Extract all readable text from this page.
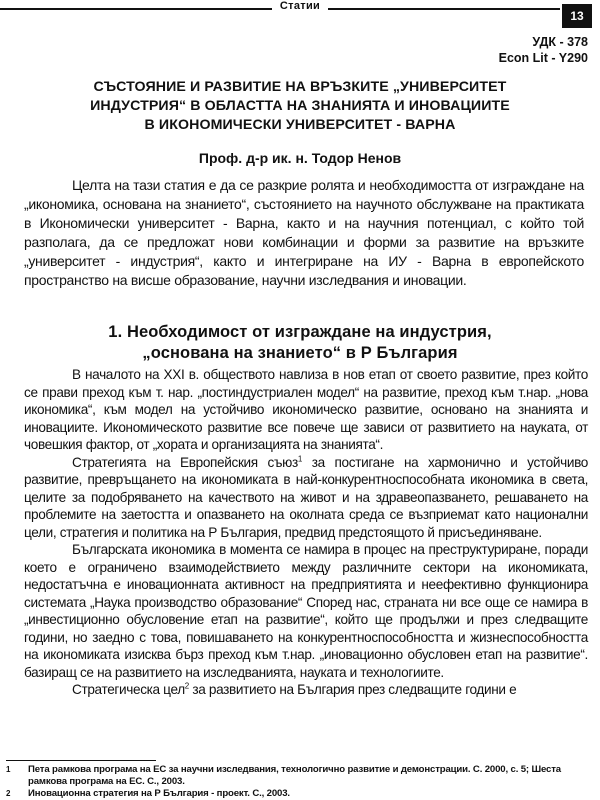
Статии
13
УДК - 378
Econ Lit - Y290
СЪСТОЯНИЕ И РАЗВИТИЕ НА ВРЪЗКИТЕ „УНИВЕРСИТЕТ
ИНДУСТРИЯ“ В ОБЛАСТТА НА ЗНАНИЯТА И ИНОВАЦИИТЕ
В ИКОНОМИЧЕСКИ УНИВЕРСИТЕТ - ВАРНА
Проф. д-р ик. н. Тодор Ненов

Целта на тази статия е да се разкрие ролята и необходимостта от изграждане на „икономика, основана на знанието“, състоянието на научното обслужване на практиката в Икономически университет - Варна, както и на научния потенциал, с който той разполага, да се предложат нови комбинации и форми за развитие на връзките „университет - индустрия“, както и интегриране на ИУ - Варна в европейското пространство на висше образование, научни изследвания и иновации.

1. Необходимост от изграждане на индустрия,
„основана на знанието“ в Р България

В началото на XXI в. обществото навлиза в нов етап от своето развитие, през който се прави преход към т. нар. „постиндустриален модел“ на развитие, преход към т.нар. „нова икономика“, към модел на устойчиво икономическо развитие, основано на знанията и иновациите. Икономическото развитие все повече ще зависи от развитието на науката, от човешкия фактор, от „хората и организацията на знанията“.

Стратегията на Европейския съюз$^1$ за постигане на хармонично и устойчиво развитие, превръщането на икономиката в най-конкурентноспособната икономика в света, целите за подобряването на качеството на живот и на здравеопазването, решаването на проблемите на заетостта и опазването на околната среда се възприемат като национални цели, стратегия и политика на Р България, предвид предстоящото й присъединяване.

Българската икономика в момента се намира в процес на преструктуриране, поради което е ограничено взаимодействието между различните сектори на икономиката, недостатъчна е иновационната активност на предприятията и неефективно функционира системата „Наука производство образование“ Според нас, страната ни все още се намира в „инвестиционно обусловение етап на развитие“, който ще продължи и през следващите години, но заедно с това, повишаването на конкурентноспособността и жизнеспособността на икономиката изисква бърз преход към т.нар. „иновационно обусловен етап на развитие“. базиращ се на развитието на изследванията, науката и технологиите.

Стратегическа цел$^2$ за развитието на България през следващите години е

1	Пета рамкова програма на ЕС за научни изследвания, технологично развитие и демонстрации. С. 2000, с. 5; Шеста рамкова програма на ЕС. С., 2003.
2	Иновационна стратегия на Р България - проект. С., 2003.
